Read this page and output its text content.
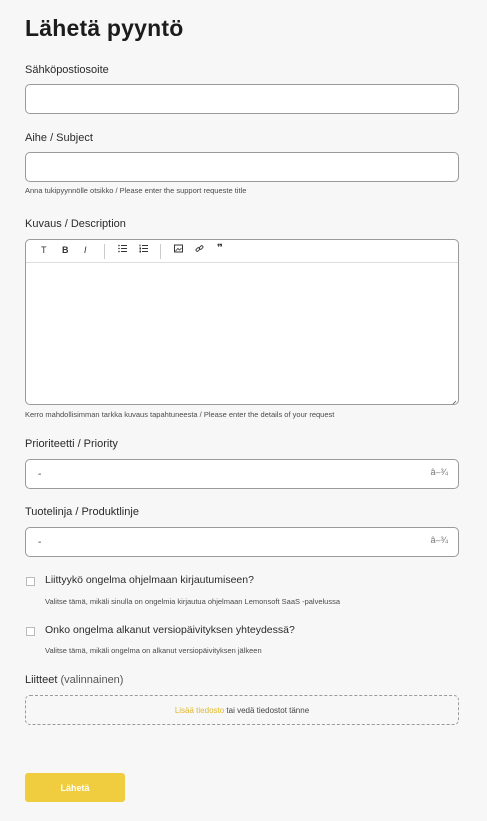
Lähetä pyyntö
Sähköpostiosoite
Aihe / Subject
Anna tukipyynnölle otsikko / Please enter the support requeste title
Kuvaus / Description
T B I	❞
Kerro mahdollisimman tarkka kuvaus tapahtuneesta / Please enter the details of your request
Prioriteetti / Priority
-	â–¾
Tuotelinja / Produktlinje
-	â–¾
Liittyykö ongelma ohjelmaan kirjautumiseen?
Valitse tämä, mikäli sinulla on ongelmia kirjautua ohjelmaan Lemonsoft SaaS -palvelussa
Onko ongelma alkanut versiopäivityksen yhteydessä?
Valitse tämä, mikäli ongelma on alkanut versiopäivityksen jälkeen
Liitteet (valinnainen)
Lisää tiedosto tai vedä tiedostot tänne
Lähetä
